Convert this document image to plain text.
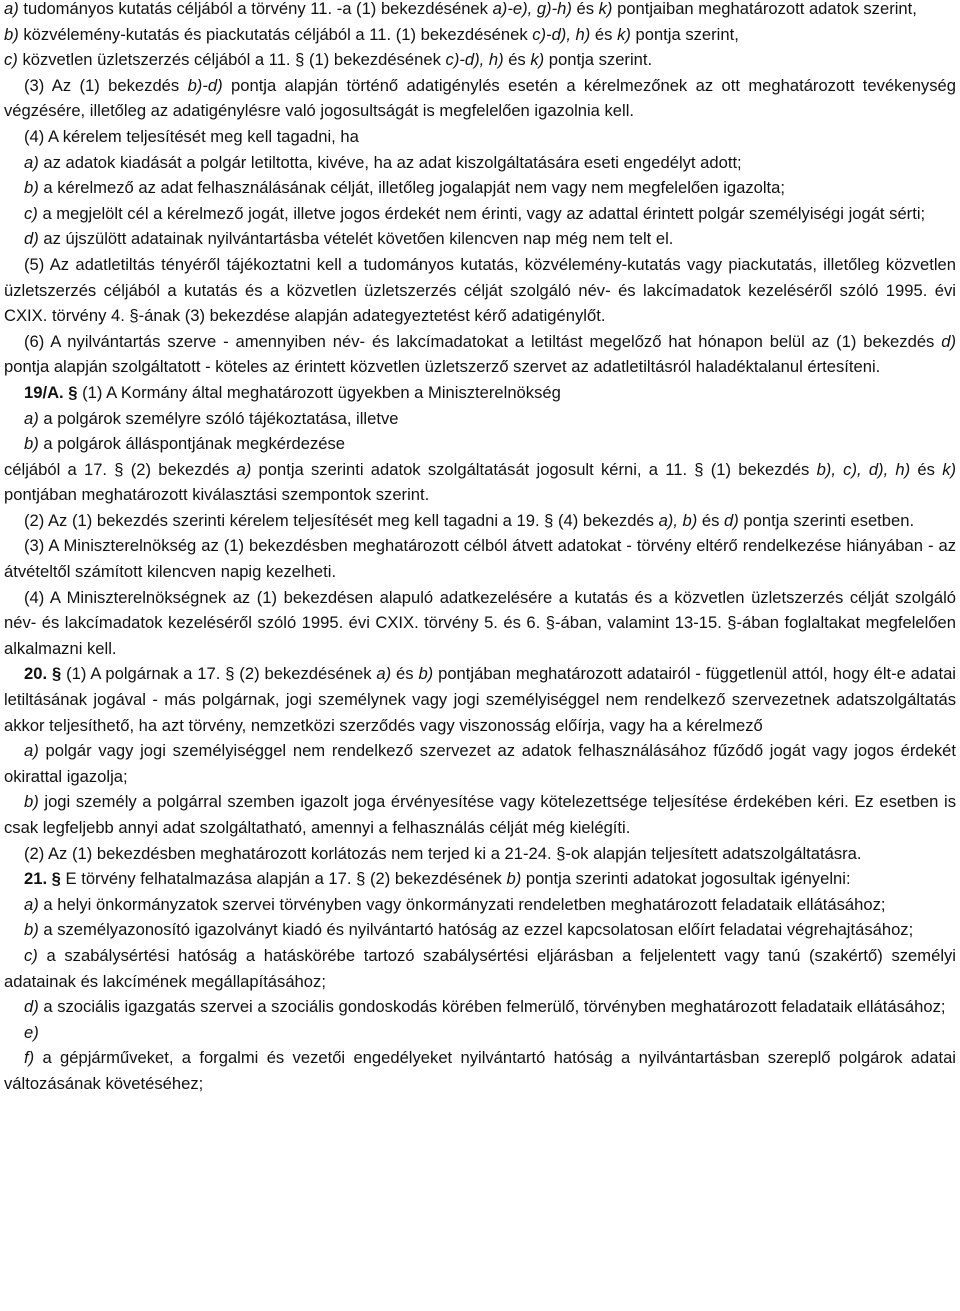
a) tudományos kutatás céljából a törvény 11. -a (1) bekezdésének a)-e), g)-h) és k) pontjaiban meghatározott adatok szerint,

b) közvélemény-kutatás és piackutatás céljából a 11. (1) bekezdésének c)-d), h) és k) pontja szerint,

c) közvetlen üzletszerzés céljából a 11. § (1) bekezdésének c)-d), h) és k) pontja szerint.

(3) Az (1) bekezdés b)-d) pontja alapján történő adatigénylés esetén a kérelmezőnek az ott meghatározott tevékenység végzésére, illetőleg az adatigénylésre való jogosultságát is megfelelően igazolnia kell.

(4) A kérelem teljesítését meg kell tagadni, ha

a) az adatok kiadását a polgár letiltotta, kivéve, ha az adat kiszolgáltatására eseti engedélyt adott;

b) a kérelmező az adat felhasználásának célját, illetőleg jogalapját nem vagy nem megfelelően igazolta;

c) a megjelölt cél a kérelmező jogát, illetve jogos érdekét nem érinti, vagy az adattal érintett polgár személyiségi jogát sérti;

d) az újszülött adatainak nyilvántartásba vételét követően kilencven nap még nem telt el.

(5) Az adatletiltás tényéről tájékoztatni kell a tudományos kutatás, közvélemény-kutatás vagy piackutatás, illetőleg közvetlen üzletszerzés céljából a kutatás és a közvetlen üzletszerzés célját szolgáló név- és lakcímadatok kezeléséről szóló 1995. évi CXIX. törvény 4. §-ának (3) bekezdése alapján adategyeztetést kérő adatigénylőt.

(6) A nyilvántartás szerve - amennyiben név- és lakcímadatokat a letiltást megelőző hat hónapon belül az (1) bekezdés d) pontja alapján szolgáltatott - köteles az érintett közvetlen üzletszerző szervet az adatletiltásról haladéktalanul értesíteni.

19/A. § (1) A Kormány által meghatározott ügyekben a Miniszterelnökség

a) a polgárok személyre szóló tájékoztatása, illetve

b) a polgárok álláspontjának megkérdezése

céljából a 17. § (2) bekezdés a) pontja szerinti adatok szolgáltatását jogosult kérni, a 11. § (1) bekezdés b), c), d), h) és k) pontjában meghatározott kiválasztási szempontok szerint.

(2) Az (1) bekezdés szerinti kérelem teljesítését meg kell tagadni a 19. § (4) bekezdés a), b) és d) pontja szerinti esetben.

(3) A Miniszterelnökség az (1) bekezdésben meghatározott célból átvett adatokat - törvény eltérő rendelkezése hiányában - az átvételtől számított kilencven napig kezelheti.

(4) A Miniszterelnökségnek az (1) bekezdésen alapuló adatkezelésére a kutatás és a közvetlen üzletszerzés célját szolgáló név- és lakcímadatok kezeléséről szóló 1995. évi CXIX. törvény 5. és 6. §-ában, valamint 13-15. §-ában foglaltakat megfelelően alkalmazni kell.

20. § (1) A polgárnak a 17. § (2) bekezdésének a) és b) pontjában meghatározott adatairól - függetlenül attól, hogy élt-e adatai letiltásának jogával - más polgárnak, jogi személynek vagy jogi személyiséggel nem rendelkező szervezetnek adatszolgáltatás akkor teljesíthető, ha azt törvény, nemzetközi szerződés vagy viszonosság előírja, vagy ha a kérelmező

a) polgár vagy jogi személyiséggel nem rendelkező szervezet az adatok felhasználásához fűződő jogát vagy jogos érdekét okirattal igazolja;

b) jogi személy a polgárral szemben igazolt joga érvényesítése vagy kötelezettsége teljesítése érdekében kéri. Ez esetben is csak legfeljebb annyi adat szolgáltatható, amennyi a felhasználás célját még kielégíti.

(2) Az (1) bekezdésben meghatározott korlátozás nem terjed ki a 21-24. §-ok alapján teljesített adatszolgáltatásra.

21. § E törvény felhatalmazása alapján a 17. § (2) bekezdésének b) pontja szerinti adatokat jogosultak igényelni:

a) a helyi önkormányzatok szervei törvényben vagy önkormányzati rendeletben meghatározott feladataik ellátásához;

b) a személyazonosító igazolványt kiadó és nyilvántartó hatóság az ezzel kapcsolatosan előírt feladatai végrehajtásához;

c) a szabálysértési hatóság a hatáskörébe tartozó szabálysértési eljárásban a feljelentett vagy tanú (szakértő) személyi adatainak és lakcímének megállapításához;

d) a szociális igazgatás szervei a szociális gondoskodás körében felmerülő, törvényben meghatározott feladataik ellátásához;

e)

f) a gépjárműveket, a forgalmi és vezetői engedélyeket nyilvántartó hatóság a nyilvántartásban szereplő polgárok adatai változásának követéséhez;
